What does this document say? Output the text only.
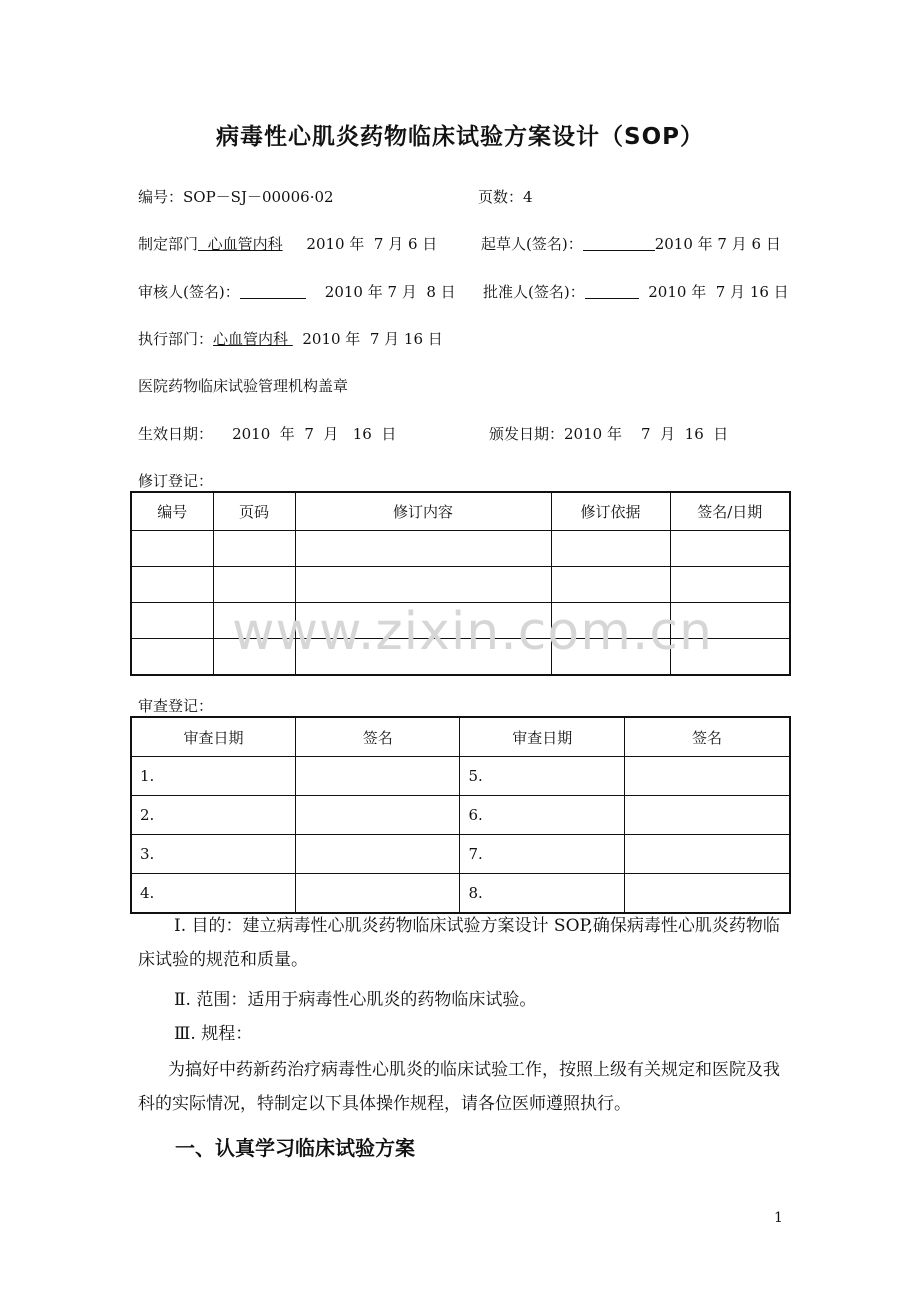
病毒性心肌炎药物临床试验方案设计（SOP）
编号：SOP－SJ－00006·02	页数：4
制定部门 心血管内科 2010 年  7 月 6 日	起草人(签名)：	2010 年 7 月 6 日
审核人(签名)：	2010 年 7 月  8 日 批准人(签名)：	2010 年  7 月 16 日
执行部门：心血管内科 2010 年  7 月 16 日
医院药物临床试验管理机构盖章
生效日期： 2010  年  7  月   16  日	颁发日期：2010 年    7  月  16  日
修订登记：
编号	页码	修订内容	修订依据	签名/日期

www.zixin.com.cn
审查登记：
审查日期	签名	审查日期	签名
1.		5.	
2.		6.	
3.		7.	
4.		8.	
Ⅰ. 目的：建立病毒性心肌炎药物临床试验方案设计 SOP,确保病毒性心肌炎药物临床试验的规范和质量。
Ⅱ. 范围：适用于病毒性心肌炎的药物临床试验。
Ⅲ. 规程：
为搞好中药新药治疗病毒性心肌炎的临床试验工作，按照上级有关规定和医院及我科的实际情况，特制定以下具体操作规程，请各位医师遵照执行。
一、认真学习临床试验方案
1
